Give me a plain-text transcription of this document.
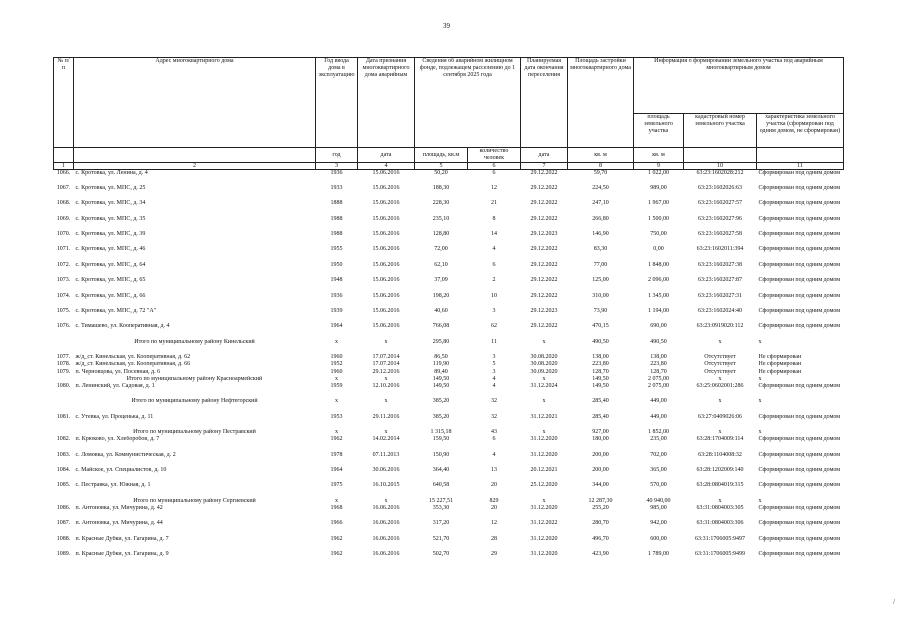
39
№ п/п	Адрес многоквартирного дома	Год ввода дома в эксплуатацию	Дата признания многоквартирного дома аварийным	Сведения об аварийном жилищном фонде, подлежащем расселению до 1 сентября 2025 года		Планируемая дата окончания переселения	Площадь застройки многоквартирного дома	Информация о формировании земельного участка под аварийным многоквартирным домом		
								площадь земельного участка	кадастровый номер земельного участка	характеристика земельного участка (сформирован под одним домом, не сформирован)
		год	дата	площадь, кв.м	количество человек	дата	кв. м	кв. м		
1	2	3	4	5	6	7	8	9	10	11
1066.	с. Кротовка, ул. Ленина, д. 4	1936	15.06.2016	50,20	6	29.12.2022	59,70	1 022,00	63:23:1602028:212	Сформирован под одним домом
1067.	с. Кротовка, ул. МПС, д. 25	1933	15.06.2016	188,30	12	29.12.2022	224,50	989,00	63:23:1602026:63	Сформирован под одним домом
1068.	с. Кротовка, ул. МПС, д. 34	1888	15.06.2016	228,30	21	29.12.2022	247,10	1 967,00	63:23:1602027:57	Сформирован под одним домом
1069.	с. Кротовка, ул. МПС, д. 35	1988	15.06.2016	235,10	8	29.12.2022	266,80	1 500,00	63:23:1602027:96	Сформирован под одним домом
1070.	с. Кротовка, ул. МПС, д. 39	1988	15.06.2016	128,80	14	29.12.2023	146,90	750,00	63:23:1602027:58	Сформирован под одним домом
1071.	с. Кротовка, ул. МПС, д. 46	1955	15.06.2016	72,00	4	29.12.2022	83,30	0,00	63:23:1602011:394	Сформирован под одним домом
1072.	с. Кротовка, ул. МПС, д. 64	1950	15.06.2016	62,10	6	29.12.2022	77,00	1 848,00	63:23:1602027:38	Сформирован под одним домом
1073.	с. Кротовка, ул. МПС, д. 65	1948	15.06.2016	37,09	2	29.12.2022	125,00	2 096,00	63:23:1602027:87	Сформирован под одним домом
1074.	с. Кротовка, ул. МПС, д. 66	1936	15.06.2016	198,20	10	29.12.2022	310,00	1 345,00	63:23:1602027:31	Сформирован под одним домом
1075.	с. Кротовка, ул. МПС, д. 72 "А"	1939	15.06.2016	40,60	3	29.12.2023	73,90	1 194,00	63:23:1602024:40	Сформирован под одним домом
1076.	с. Тимашево, ул. Кооперативная, д. 4	1964	15.06.2016	766,08	62	29.12.2022	470,15	690,00	63:23:0919020:112	Сформирован под одним домом
	Итого по муниципальному району Кинельский	х	х	295,80	11	х	490,50	490,50	х	х
1077.	ж/д_ст. Кинельская, ул. Кооперативная, д. 62	1960	17.07.2014	86,50	3	30.08.2020	138,00	138,00	Отсутствует	Не сформирован
1078.	ж/д_ст. Кинельская, ул. Кооперативная, д. 66	1952	17.07.2014	119,90	5	30.08.2020	223,80	223,80	Отсутствует	Не сформирован
1079.	п. Черновцова, ул. Посевная, д. 6	1960	29.12.2016	89,40	3	30.09.2020	128,70	128,70	Отсутствует	Не сформирован
	Итого по муниципальному району Красноармейский	х	х	149,50	4	х	149,50	2 075,00	х	х
1080.	п. Ленинский, ул. Садовая, д. 1	1959	12.10.2016	149,50	4	31.12.2024	149,50	2 075,00	63:25:0602001:286	Сформирован под одним домом
	Итого по муниципальному району Нефтегорский	х	х	385,20	32	х	285,40	449,00	х	х
1081.	с. Утевка, ул. Проценька, д. 11	1953	29.11.2016	385,20	32	31.12.2021	285,40	449,00	63:27:0409026:06	Сформирован под одним домом
	Итого по муниципальному району Пестравский	х	х	1 315,18	43	х	927,00	1 852,00	х	х
1082.	п. Крюково, ул. Хлеборобов, д. 7	1962	14.02.2014	159,50	6	31.12.2020	180,00	235,00	63:28:1704009:114	Сформирован под одним домом
1083.	с. Ломовка, ул. Коммунистическая, д. 2	1978	07.11.2013	150,90	4	31.12.2020	200,00	702,00	63:28:1104008:32	Сформирован под одним домом
1084.	с. Майское, ул. Специалистов, д. 10	1964	30.06.2016	364,40	13	20.12.2021	200,00	365,00	63:28:1202009:140	Сформирован под одним домом
1085.	с. Пестравка, ул. Южная, д. 1	1975	16.10.2015	640,58	20	25.12.2020	344,00	570,00	63:28:0804019:315	Сформирован под одним домом
	Итого по муниципальному району Сергиевский	х	х	15 227,51	829	х	12 287,30	40 940,00	х	х
1086.	п. Антоновка, ул. Мичурина, д. 42	1968	16.06.2016	353,30	20	31.12.2020	255,20	985,00	63:31:0804003:305	Сформирован под одним домом
1087.	п. Антоновка, ул. Мичурина, д. 44	1966	16.06.2016	317,20	12	31.12.2022	280,70	942,00	63:31:0804003:306	Сформирован под одним домом
1088.	п. Красные Дубки, ул. Гагарина, д. 7	1962	16.06.2016	521,70	28	31.12.2020	496,70	600,00	63:31:1706005:9497	Сформирован под одним домом
1089.	п. Красные Дубки, ул. Гагарина, д. 9	1962	16.06.2016	502,70	29	31.12.2020	423,90	1 789,00	63:31:1706005:9499	Сформирован под одним домом
/
